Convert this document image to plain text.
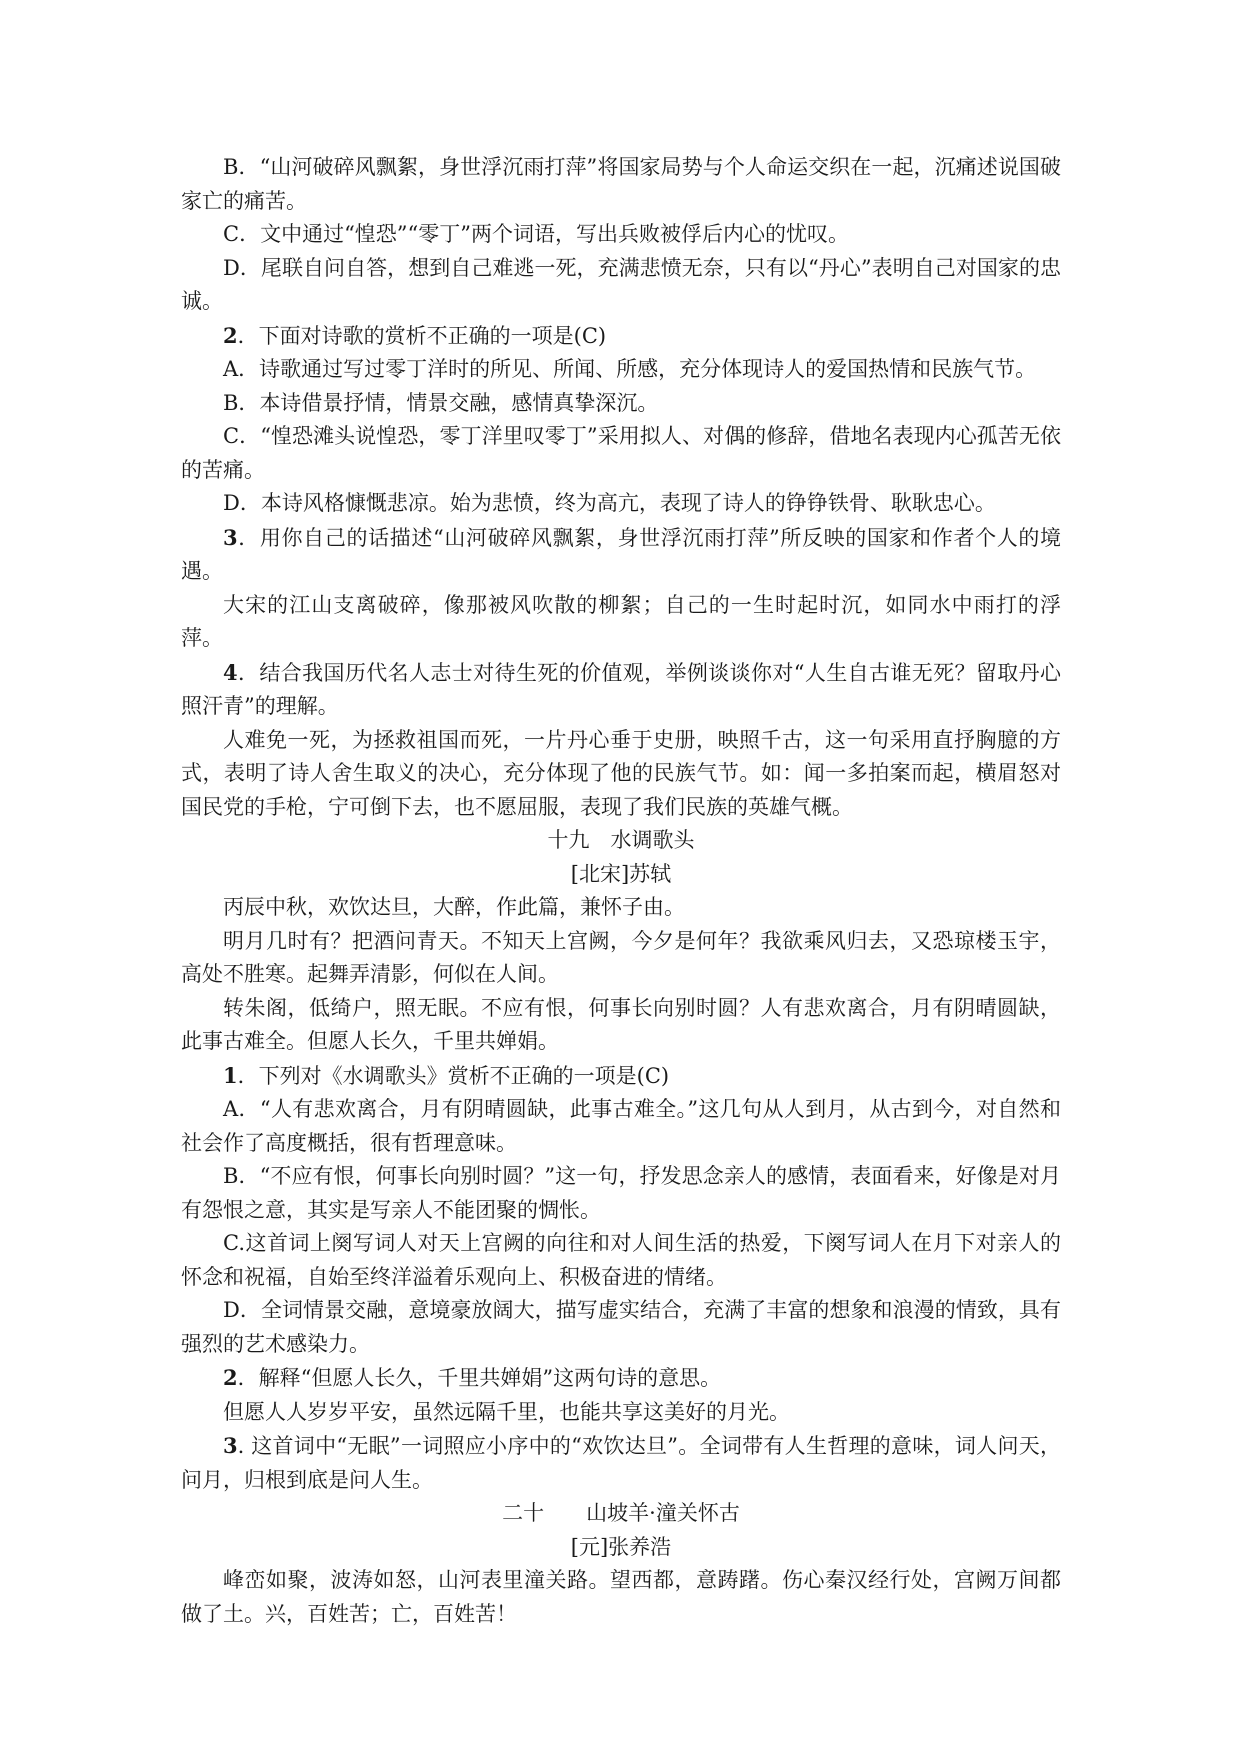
B．“山河破碎风飘絮，身世浮沉雨打萍”将国家局势与个人命运交织在一起，沉痛述说国破家亡的痛苦。

C．文中通过“惶恐”“零丁”两个词语，写出兵败被俘后内心的忧叹。

D．尾联自问自答，想到自己难逃一死，充满悲愤无奈，只有以“丹心”表明自己对国家的忠诚。

2．下面对诗歌的赏析不正确的一项是(C)

A．诗歌通过写过零丁洋时的所见、所闻、所感，充分体现诗人的爱国热情和民族气节。

B．本诗借景抒情，情景交融，感情真挚深沉。

C．“惶恐滩头说惶恐，零丁洋里叹零丁”采用拟人、对偶的修辞，借地名表现内心孤苦无依的苦痛。

D．本诗风格慷慨悲凉。始为悲愤，终为高亢，表现了诗人的铮铮铁骨、耿耿忠心。

3．用你自己的话描述“山河破碎风飘絮，身世浮沉雨打萍”所反映的国家和作者个人的境遇。

大宋的江山支离破碎，像那被风吹散的柳絮；自己的一生时起时沉，如同水中雨打的浮萍。

4．结合我国历代名人志士对待生死的价值观，举例谈谈你对“人生自古谁无死？留取丹心照汗青”的理解。

人难免一死，为拯救祖国而死，一片丹心垂于史册，映照千古，这一句采用直抒胸臆的方式，表明了诗人舍生取义的决心，充分体现了他的民族气节。如：闻一多拍案而起，横眉怒对国民党的手枪，宁可倒下去，也不愿屈服，表现了我们民族的英雄气概。

十九　水调歌头

[北宋]苏轼

丙辰中秋，欢饮达旦，大醉，作此篇，兼怀子由。

明月几时有？把酒问青天。不知天上宫阙，今夕是何年？我欲乘风归去，又恐琼楼玉宇，高处不胜寒。起舞弄清影，何似在人间。

转朱阁，低绮户，照无眠。不应有恨，何事长向别时圆？人有悲欢离合，月有阴晴圆缺，此事古难全。但愿人长久，千里共婵娟。

1．下列对《水调歌头》赏析不正确的一项是(C)

A．“人有悲欢离合，月有阴晴圆缺，此事古难全。”这几句从人到月，从古到今，对自然和社会作了高度概括，很有哲理意味。

B．“不应有恨，何事长向别时圆？”这一句，抒发思念亲人的感情，表面看来，好像是对月有怨恨之意，其实是写亲人不能团聚的惆怅。

C.这首词上阕写词人对天上宫阙的向往和对人间生活的热爱，下阕写词人在月下对亲人的怀念和祝福，自始至终洋溢着乐观向上、积极奋进的情绪。

D．全词情景交融，意境豪放阔大，描写虚实结合，充满了丰富的想象和浪漫的情致，具有强烈的艺术感染力。

2．解释“但愿人长久，千里共婵娟”这两句诗的意思。

但愿人人岁岁平安，虽然远隔千里，也能共享这美好的月光。

3. 这首词中“无眠”一词照应小序中的“欢饮达旦”。全词带有人生哲理的意味，词人问天，问月，归根到底是问人生。

二十　　山坡羊·潼关怀古

[元]张养浩

峰峦如聚，波涛如怒，山河表里潼关路。望西都，意踌躇。伤心秦汉经行处，宫阙万间都做了土。兴，百姓苦；亡，百姓苦！
